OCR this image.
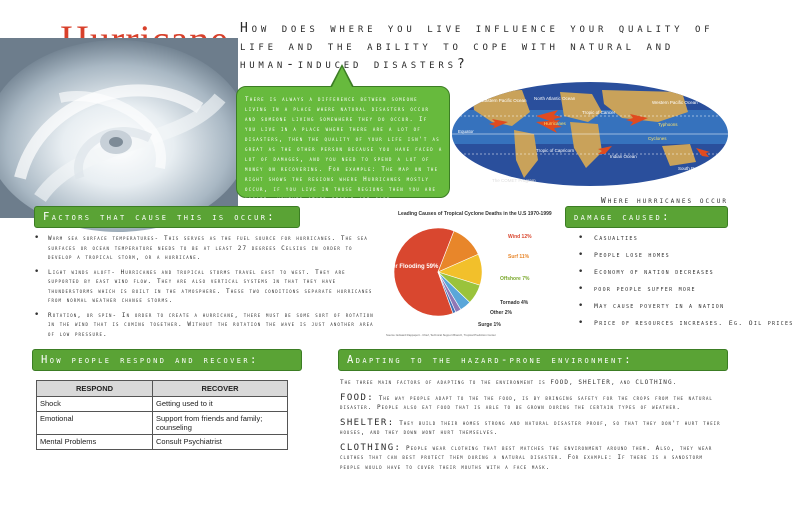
How does where you live influence your quality of life and the ability to cope with natural and human-induced disasters?
There is always a difference between someone living in a place where natural disasters occur and someone living somewhere they do occur. If you live in a place where there are a lot of disasters, then the quality of your life isn't as great as the other person because you have faced a lot of damages, and you need to spend a lot of money on recovering. For example: The map on the right shows the regions where Hurricanes mostly occur, if you live in those regions then you are unsafe, however other people are safe.
Eastern Pacific Ocean North Atlantic Ocean
Western Pacific Ocean
Hurricanes	Typhoons
Cyclones
Tropic of Cancer
Tropic of Capricorn
Indian Ocean
South Pacific Ocean
Equator
The COMET Program
Where hurricanes occur
Factors that cause this is occur:
• Warm sea surface temperatures- This serves as the fuel source for hurricanes. The sea surfaces or ocean temperature needs to be at least 27 degrees Celsius in order to develop a tropical storm, or a hurricane.
• Light winds aloft- Hurricanes and tropical storms travel east to west. They are supported by east wind flow. They are also vertical systems in that they have thunderstorms which is built in the atmosphere. These two conditions separate hurricanes from normal weather change storms.
• Rotation, or spin- In order to create a hurricane, there must be some sort of rotation in the wind that is coming together. Without the rotation the wave is just another area of low pressure.
Leading Causes of Tropical Cyclone Deaths in the U.S 1970-1999
Freshwater Flooding 59%
Wind 12%
Surf 11%
Offshore 7%
Tornado 4%
Other 2%
Surge 1%
Source: Edward Rappaport - Chief, Technical Support Branch, Tropical Prediction Center
damage caused:
• Casualties
• People lose homes
• Economy of nation decreases
• poor people suffer more
• May cause poverty in a nation
• Price of resources increases. Eg. Oil prices
How people respond and recover:
RESPOND	RECOVER
Shock	Getting used to it
Emotional	Support from friends and family; counseling
Mental Problems	Consult Psychiatrist
Adapting to the hazard-prone environment:

The three main factors of adapting to the environment is FOOD, SHELTER, and CLOTHING.

FOOD: The way people adapt to the the food, is by bringing safety for the crops from the natural disaster. People also eat food that is able to be grown during the certain types of weather.

SHELTER: They build their homes strong and natural disaster proof, so that they don't hurt their houses, and they down wont hurt themselves.

CLOTHING: People wear clothing that best matches the environment around them. Also, they wear clothes that can best protect them during a natural disaster. For example: If there is a sandstorm people would have to cover their mouths with a face mask.
